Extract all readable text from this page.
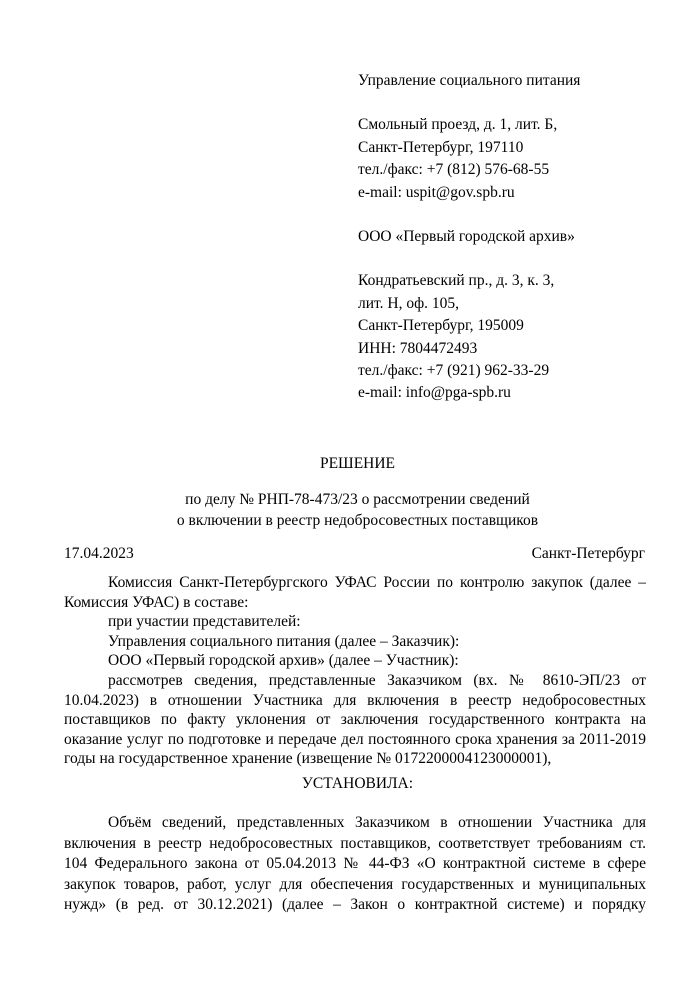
Управление социального питания
Смольный проезд, д. 1, лит. Б,
Санкт-Петербург, 197110
тел./факс: +7 (812) 576-68-55
e-mail: uspit@gov.spb.ru
ООО «Первый городской архив»
Кондратьевский пр., д. 3, к. 3,
лит. Н, оф. 105,
Санкт-Петербург, 195009
ИНН: 7804472493
тел./факс: +7 (921) 962-33-29
e-mail: info@pga-spb.ru
РЕШЕНИЕ
по делу № РНП-78-473/23 о рассмотрении сведений
о включении в реестр недобросовестных поставщиков
17.04.2023	Санкт-Петербург

Комиссия Санкт-Петербургского УФАС России по контролю закупок (далее – Комиссия УФАС) в составе:

при участии представителей:

Управления социального питания (далее – Заказчик):

ООО «Первый городской архив» (далее – Участник):

рассмотрев сведения, представленные Заказчиком (вх. № 8610-ЭП/23 от 10.04.2023) в отношении Участника для включения в реестр недобросовестных поставщиков по факту уклонения от заключения государственного контракта на оказание услуг по подготовке и передаче дел постоянного срока хранения за 2011-2019 годы на государственное хранение (извещение № 0172200004123000001),

УСТАНОВИЛА:

Объём сведений, представленных Заказчиком в отношении Участника для включения в реестр недобросовестных поставщиков, соответствует требованиям ст. 104 Федерального закона от 05.04.2013 № 44-ФЗ «О контрактной системе в сфере закупок товаров, работ, услуг для обеспечения государственных и муниципальных нужд» (в ред. от 30.12.2021) (далее – Закон о контрактной системе) и порядку
